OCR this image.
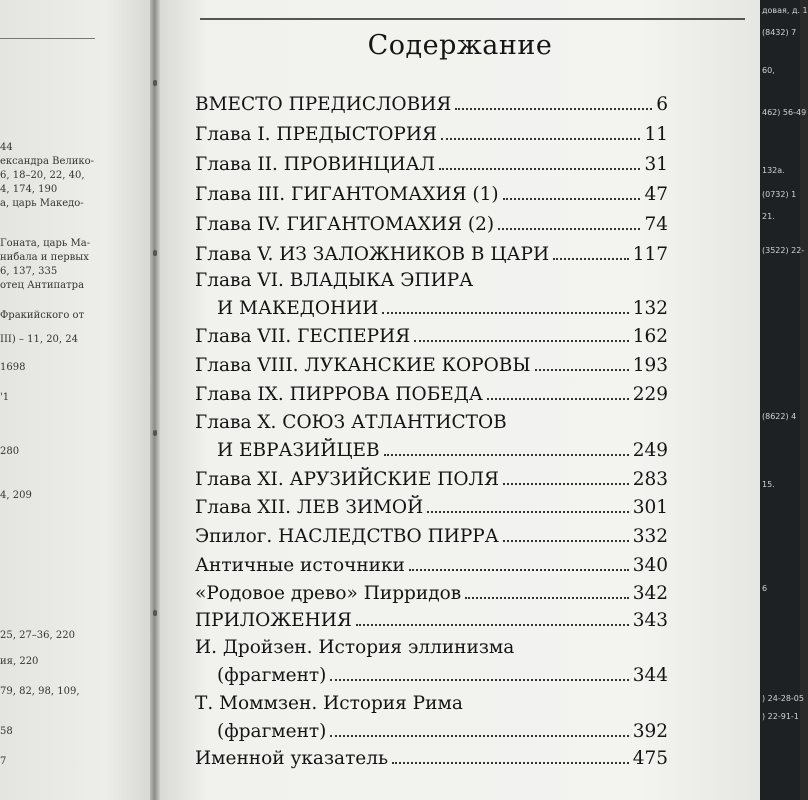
44
ександра Велико-
6, 18–20, 22, 40,
4, 174, 190
а, царь Македо-
Гоната, царь Ма-
нибала и первых
6, 137, 335
отец Антипатра
Фракийского от
III) – 11, 20, 24
1698
'1
280
4, 209
25, 27–36, 220
ия, 220
79, 82, 98, 109,
58
7
довая, д. 1
(8432) 7
60,
462) 56-49
132а.
(0732) 1
21.
(3522) 22-
(8622) 4
15.
6
) 24-28-05
) 22-91-1
Содержание
ВМЕСТО ПРЕДИСЛОВИЯ	6
Глава I. ПРЕДЫСТОРИЯ	11
Глава II. ПРОВИНЦИАЛ	31
Глава III. ГИГАНТОМАХИЯ (1)	47
Глава IV. ГИГАНТОМАХИЯ (2)	74
Глава V. ИЗ ЗАЛОЖНИКОВ В ЦАРИ	117
Глава VI. ВЛАДЫКА ЭПИРА
И МАКЕДОНИИ	132
Глава VII. ГЕСПЕРИЯ	162
Глава VIII. ЛУКАНСКИЕ КОРОВЫ	193
Глава IX. ПИРРОВА ПОБЕДА	229
Глава X. СОЮЗ АТЛАНТИСТОВ
И ЕВРАЗИЙЦЕВ	249
Глава XI. АРУЗИЙСКИЕ ПОЛЯ	283
Глава XII. ЛЕВ ЗИМОЙ	301
Эпилог. НАСЛЕДСТВО ПИРРА	332
Античные источники	340
«Родовое древо» Пирридов	342
ПРИЛОЖЕНИЯ	343
И. Дройзен. История эллинизма
(фрагмент)	344
Т. Моммзен. История Рима
(фрагмент)	392
Именной указатель	475
